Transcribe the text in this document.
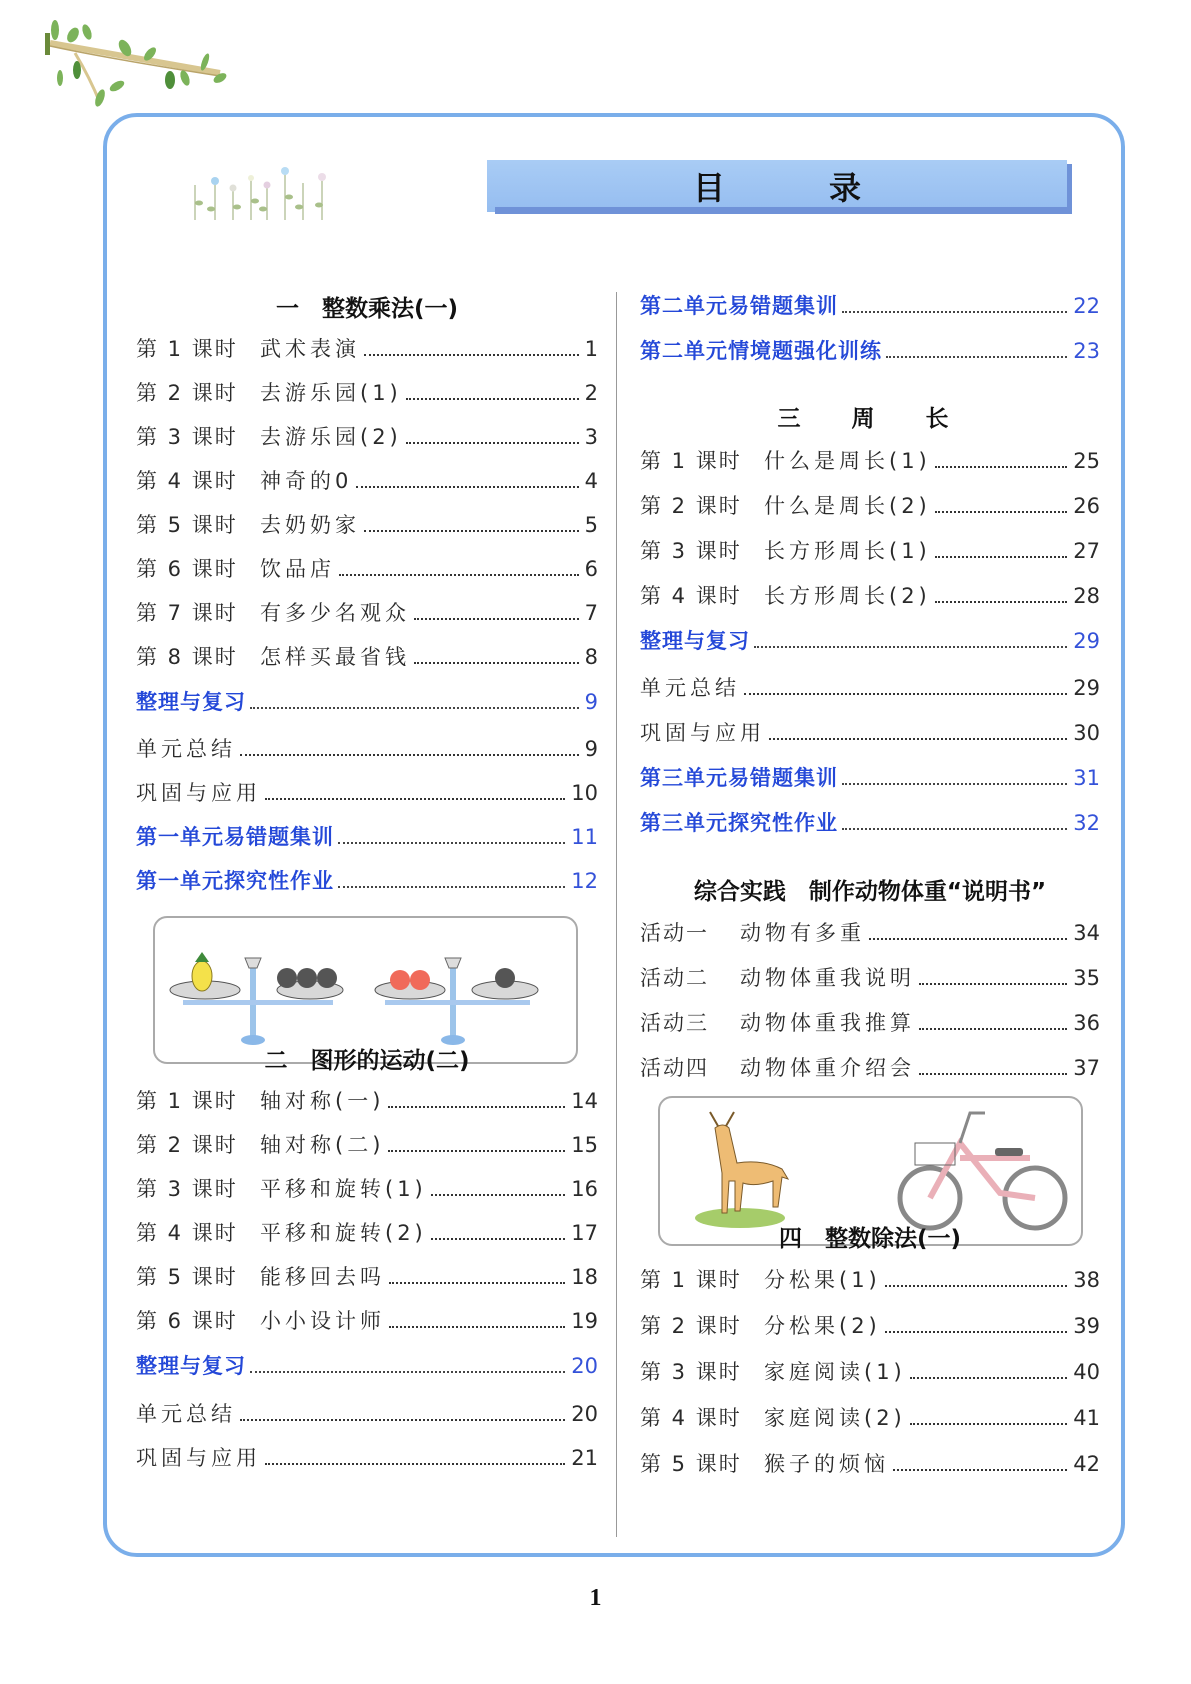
目　录
一　整数乘法(一)
第 1 课时	武术表演	1
第 2 课时	去游乐园(1)	2
第 3 课时	去游乐园(2)	3
第 4 课时	神奇的0	4
第 5 课时	去奶奶家	5
第 6 课时	饮品店	6
第 7 课时	有多少名观众	7
第 8 课时	怎样买最省钱	8
整理与复习	9
单元总结	9
巩固与应用	10
第一单元易错题集训	11
第一单元探究性作业	12
二　图形的运动(二)
第 1 课时	轴对称(一)	14
第 2 课时	轴对称(二)	15
第 3 课时	平移和旋转(1)	16
第 4 课时	平移和旋转(2)	17
第 5 课时	能移回去吗	18
第 6 课时	小小设计师	19
整理与复习	20
单元总结	20
巩固与应用	21
第二单元易错题集训	22
第二单元情境题强化训练	23
三　周　长
第 1 课时	什么是周长(1)	25
第 2 课时	什么是周长(2)	26
第 3 课时	长方形周长(1)	27
第 4 课时	长方形周长(2)	28
整理与复习	29
单元总结	29
巩固与应用	30
第三单元易错题集训	31
第三单元探究性作业	32
综合实践　制作动物体重“说明书”
活动一	动物有多重	34
活动二	动物体重我说明	35
活动三	动物体重我推算	36
活动四	动物体重介绍会	37
四　整数除法(一)
第 1 课时	分松果(1)	38
第 2 课时	分松果(2)	39
第 3 课时	家庭阅读(1)	40
第 4 课时	家庭阅读(2)	41
第 5 课时	猴子的烦恼	42
1
